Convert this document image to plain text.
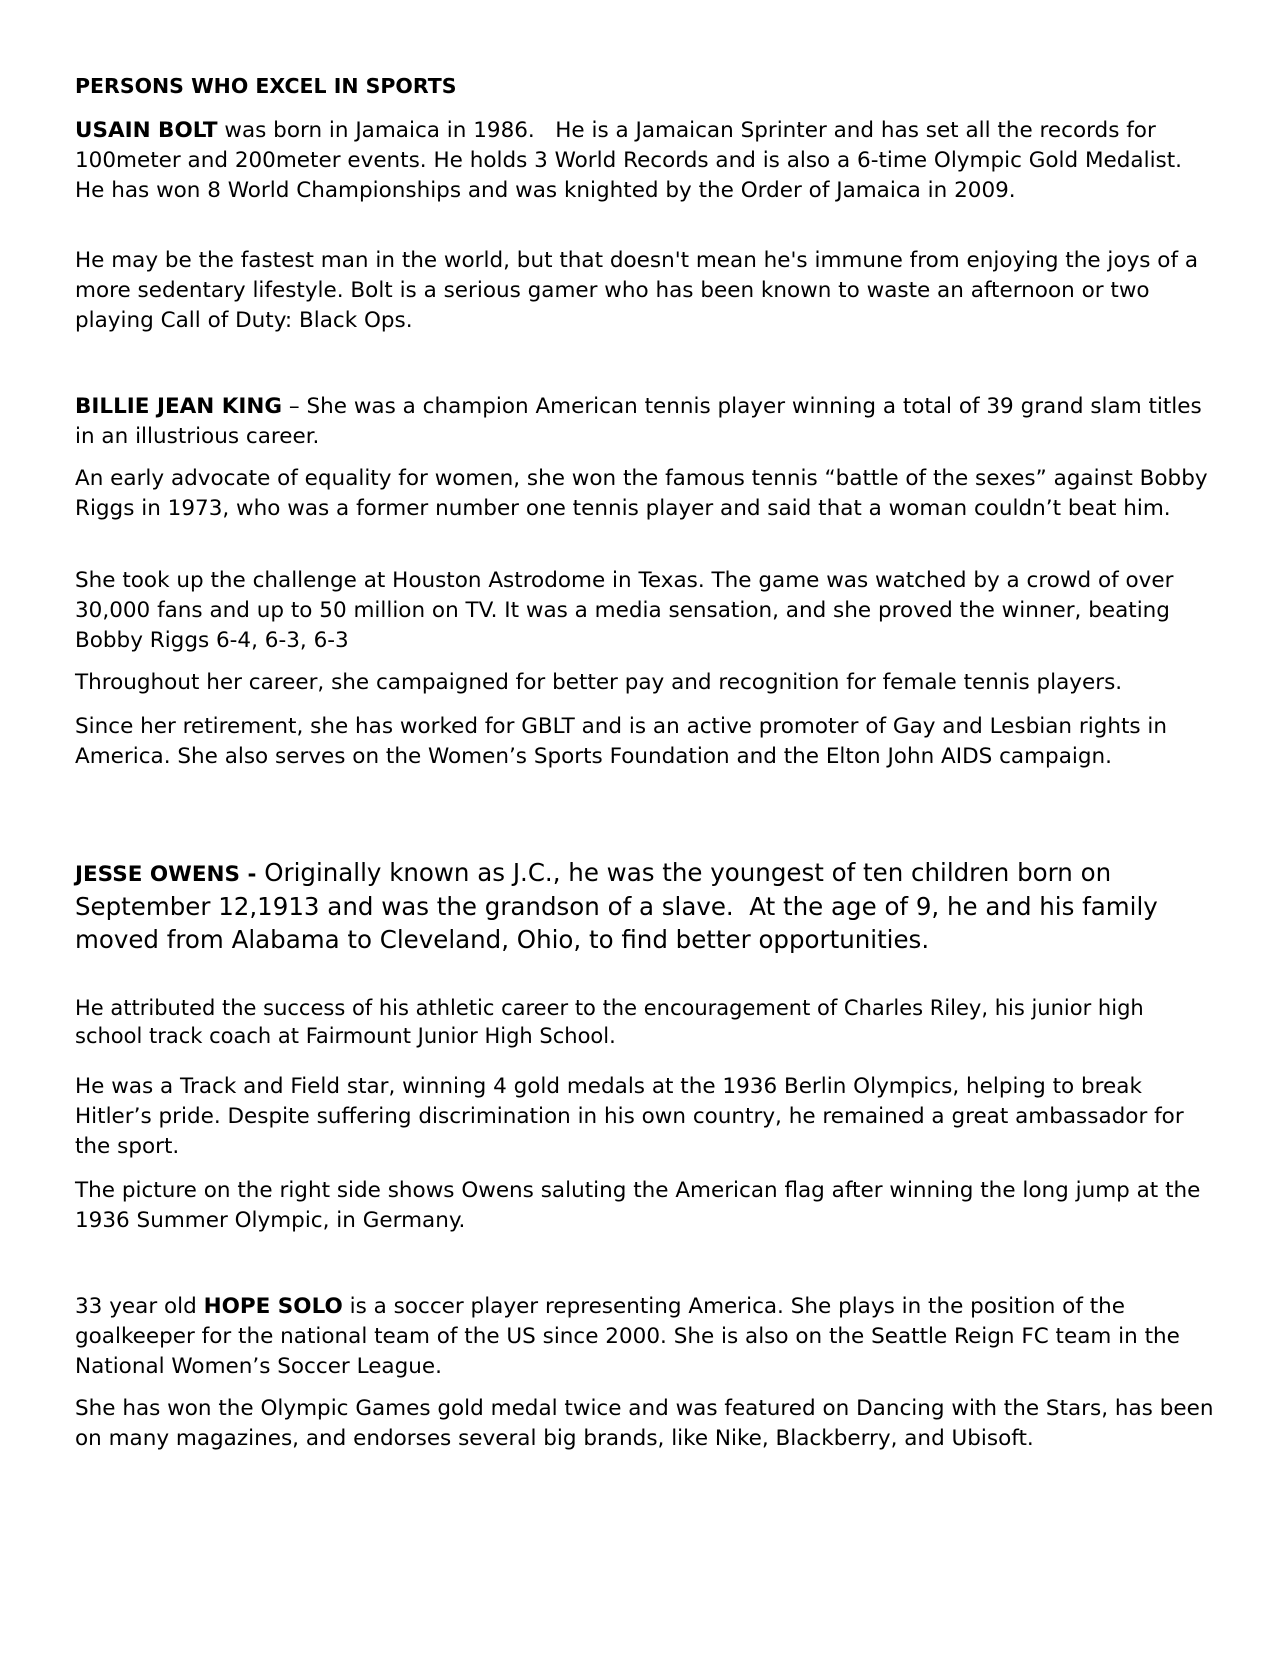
PERSONS WHO EXCEL IN SPORTS

USAIN BOLT was born in Jamaica in 1986.   He is a Jamaican Sprinter and has set all the records for 100meter and 200meter events. He holds 3 World Records and is also a 6-time Olympic Gold Medalist. He has won 8 World Championships and was knighted by the Order of Jamaica in 2009.

He may be the fastest man in the world, but that doesn't mean he's immune from enjoying the joys of a more sedentary lifestyle. Bolt is a serious gamer who has been known to waste an afternoon or two playing Call of Duty: Black Ops.

BILLIE JEAN KING – She was a champion American tennis player winning a total of 39 grand slam titles in an illustrious career.

An early advocate of equality for women, she won the famous tennis “battle of the sexes” against Bobby Riggs in 1973, who was a former number one tennis player and said that a woman couldn’t beat him.

She took up the challenge at Houston Astrodome in Texas. The game was watched by a crowd of over 30,000 fans and up to 50 million on TV. It was a media sensation, and she proved the winner, beating Bobby Riggs 6-4, 6-3, 6-3

Throughout her career, she campaigned for better pay and recognition for female tennis players.

Since her retirement, she has worked for GBLT and is an active promoter of Gay and Lesbian rights in America. She also serves on the Women’s Sports Foundation and the Elton John AIDS campaign.

JESSE OWENS - Originally known as J.C., he was the youngest of ten children born on September 12,1913 and was the grandson of a slave.  At the age of 9, he and his family moved from Alabama to Cleveland, Ohio, to find better opportunities.

He attributed the success of his athletic career to the encouragement of Charles Riley, his junior high school track coach at Fairmount Junior High School.

He was a Track and Field star, winning 4 gold medals at the 1936 Berlin Olympics, helping to break Hitler’s pride. Despite suffering discrimination in his own country, he remained a great ambassador for the sport.

The picture on the right side shows Owens saluting the American flag after winning the long jump at the 1936 Summer Olympic, in Germany.

33 year old HOPE SOLO is a soccer player representing America. She plays in the position of the goalkeeper for the national team of the US since 2000. She is also on the Seattle Reign FC team in the National Women’s Soccer League.

She has won the Olympic Games gold medal twice and was featured on Dancing with the Stars, has been on many magazines, and endorses several big brands, like Nike, Blackberry, and Ubisoft.
